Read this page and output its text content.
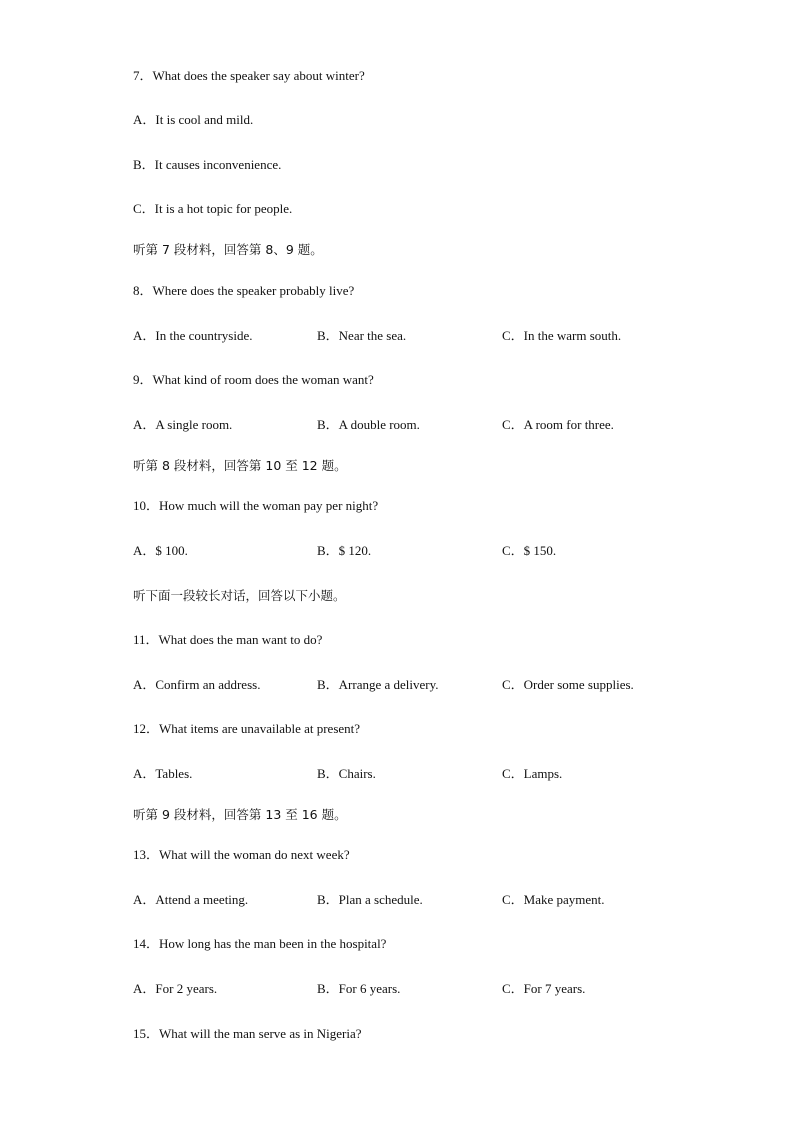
7．What does the speaker say about winter?
A．It is cool and mild.
B．It causes inconvenience.
C．It is a hot topic for people.
听第 7 段材料，回答第 8、9 题。
8．Where does the speaker probably live?
A．In the countryside.	B．Near the sea.	C．In the warm south.
9．What kind of room does the woman want?
A．A single room.	B．A double room.	C．A room for three.
听第 8 段材料，回答第 10 至 12 题。
10．How much will the woman pay per night?
A．$ 100.	B．$ 120.	C．$ 150.
听下面一段较长对话，回答以下小题。
11．What does the man want to do?
A．Confirm an address.	B．Arrange a delivery.	C．Order some supplies.
12．What items are unavailable at present?
A．Tables.	B．Chairs.	C．Lamps.
听第 9 段材料，回答第 13 至 16 题。
13．What will the woman do next week?
A．Attend a meeting.	B．Plan a schedule.	C．Make payment.
14．How long has the man been in the hospital?
A．For 2 years.	B．For 6 years.	C．For 7 years.
15．What will the man serve as in Nigeria?
